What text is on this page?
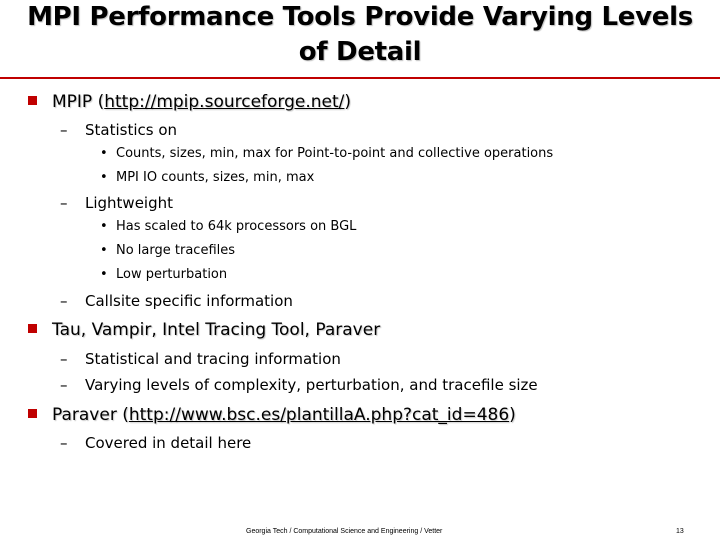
MPI Performance Tools Provide Varying Levels
of Detail
MPIP (http://mpip.sourceforge.net/)
– Statistics on
• Counts, sizes, min, max for Point-to-point and collective operations
• MPI IO counts, sizes, min, max
– Lightweight
• Has scaled to 64k processors on BGL
• No large tracefiles
• Low perturbation
– Callsite specific information
Tau, Vampir, Intel Tracing Tool, Paraver
– Statistical and tracing information
– Varying levels of complexity, perturbation, and tracefile size
Paraver (http://www.bsc.es/plantillaA.php?cat_id=486)
– Covered in detail here
Georgia Tech / Computational Science and Engineering / Vetter	13
